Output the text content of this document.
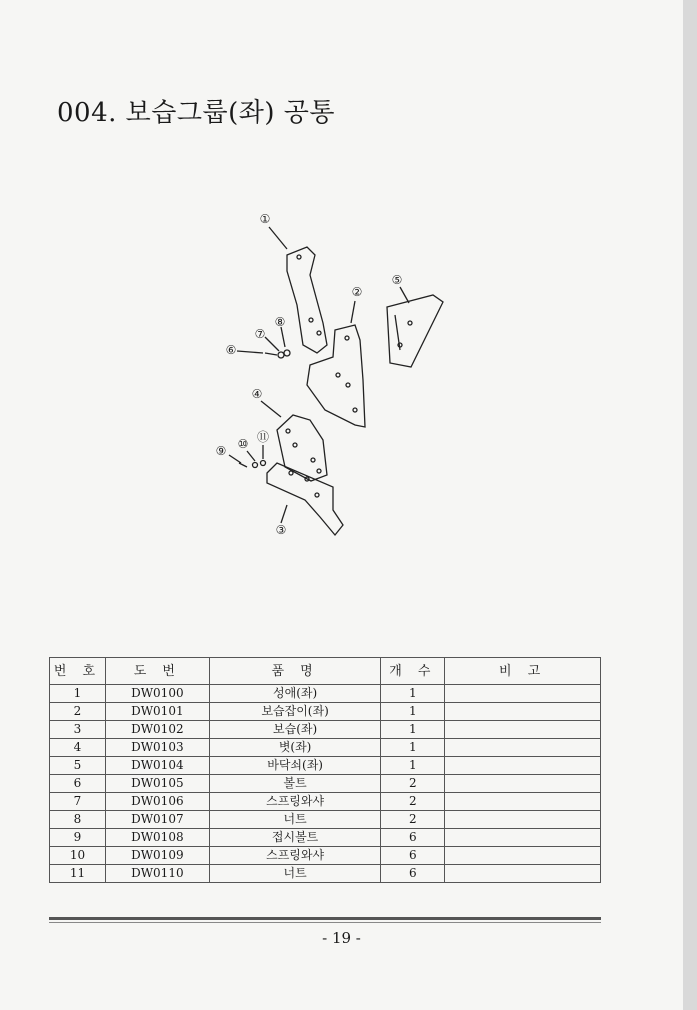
004. 보습그룹(좌) 공통
①
②
③
④
⑤
⑥
⑦
⑧
⑨ ⑩ ⑪
번 호	도 번	품 명	개 수	비 고
1	DW0100	성애(좌)	1	
2	DW0101	보습잡이(좌)	1	
3	DW0102	보습(좌)	1	
4	DW0103	볏(좌)	1	
5	DW0104	바닥쇠(좌)	1	
6	DW0105	볼트	2	
7	DW0106	스프링와샤	2	
8	DW0107	너트	2	
9	DW0108	접시볼트	6	
10	DW0109	스프링와샤	6	
11	DW0110	너트	6	
- 19 -
